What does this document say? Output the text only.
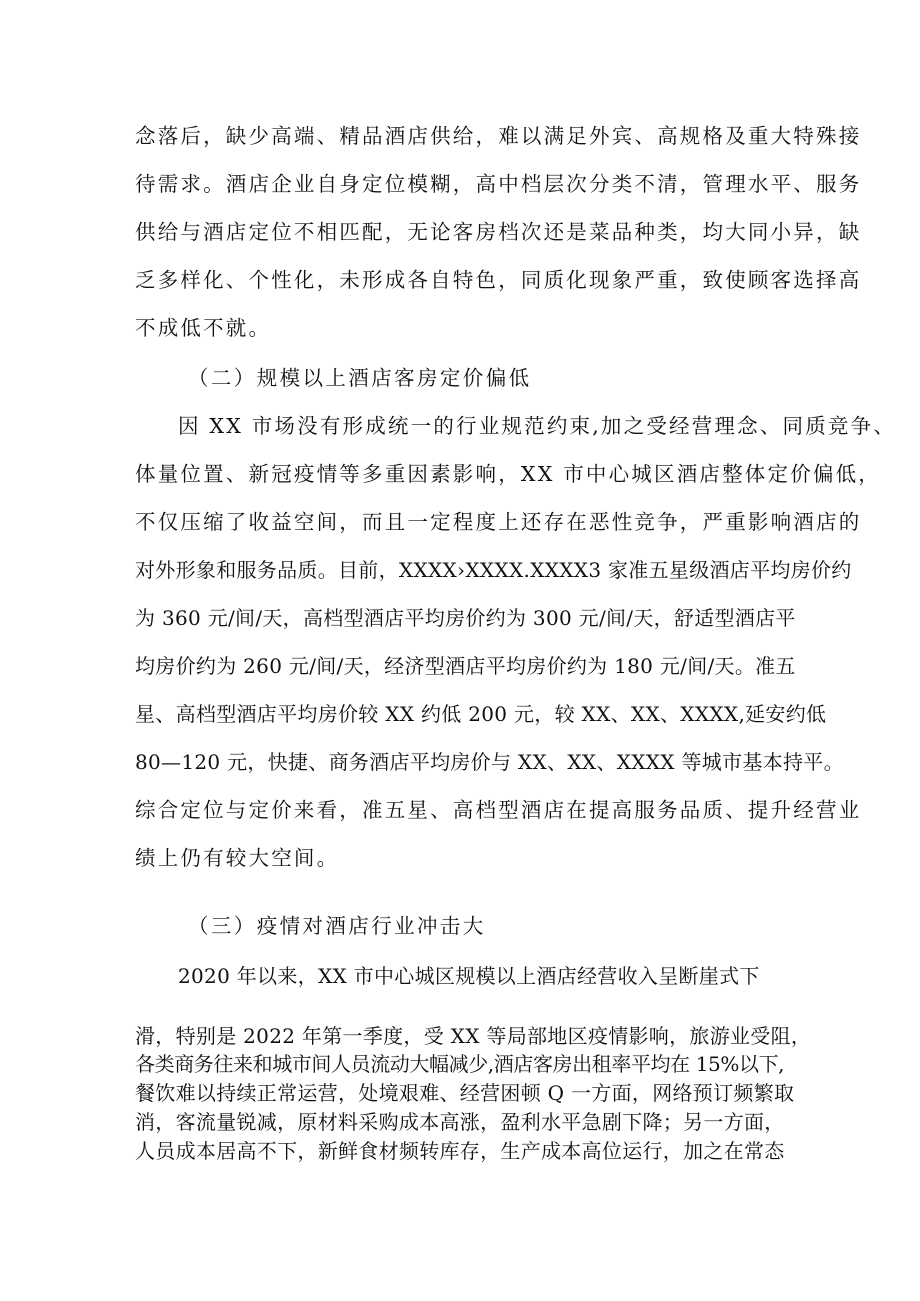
念落后，缺少高端、精品酒店供给，难以满足外宾、高规格及重大特殊接
待需求。酒店企业自身定位模糊，高中档层次分类不清，管理水平、服务
供给与酒店定位不相匹配，无论客房档次还是菜品种类，均大同小异，缺
乏多样化、个性化，未形成各自特色，同质化现象严重，致使顾客选择高
不成低不就。
（二）规模以上酒店客房定价偏低
因 XX 市场没有形成统一的行业规范约束,加之受经营理念、同质竞争、
体量位置、新冠疫情等多重因素影响，XX 市中心城区酒店整体定价偏低，
不仅压缩了收益空间，而且一定程度上还存在恶性竞争，严重影响酒店的
对外形象和服务品质。目前，XXXX›XXXX.XXXX3 家准五星级酒店平均房价约
为 360 元/间/天，高档型酒店平均房价约为 300 元/间/天，舒适型酒店平
均房价约为 260 元/间/天，经济型酒店平均房价约为 180 元/间/天。准五
星、高档型酒店平均房价较 XX 约低 200 元，较 XX、XX、XXXX,延安约低
80—120 元，快捷、商务酒店平均房价与 XX、XX、XXXX 等城市基本持平。
综合定位与定价来看，准五星、高档型酒店在提高服务品质、提升经营业
绩上仍有较大空间。
（三）疫情对酒店行业冲击大
2020 年以来，XX 市中心城区规模以上酒店经营收入呈断崖式下
滑，特别是 2022 年第一季度，受 XX 等局部地区疫情影响，旅游业受阻，
各类商务往来和城市间人员流动大幅减少,酒店客房出租率平均在 15%以下,
餐饮难以持续正常运营，处境艰难、经营困顿 Q 一方面，网络预订频繁取
消，客流量锐减，原材料采购成本高涨，盈利水平急剧下降；另一方面，
人员成本居高不下，新鲜食材频转库存，生产成本高位运行，加之在常态
